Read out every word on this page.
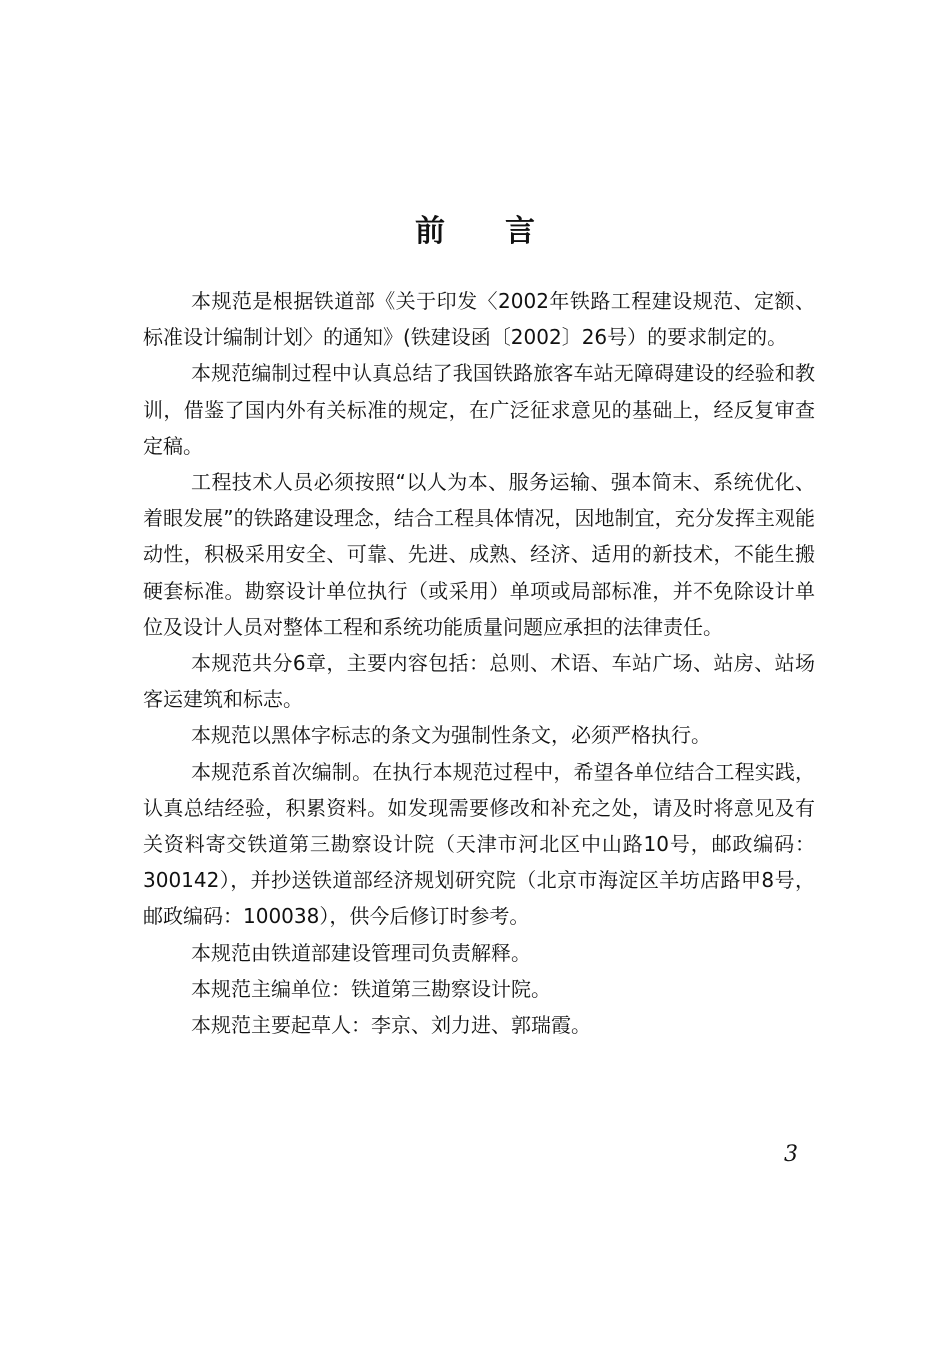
前言

本规范是根据铁道部《关于印发〈2002年铁路工程建设规范、定额、标准设计编制计划〉的通知》(铁建设函〔2002〕26号）的要求制定的。

本规范编制过程中认真总结了我国铁路旅客车站无障碍建设的经验和教训，借鉴了国内外有关标准的规定，在广泛征求意见的基础上，经反复审查定稿。

工程技术人员必须按照“以人为本、服务运输、强本简末、系统优化、着眼发展”的铁路建设理念，结合工程具体情况，因地制宜，充分发挥主观能动性，积极采用安全、可靠、先进、成熟、经济、适用的新技术，不能生搬硬套标准。勘察设计单位执行（或采用）单项或局部标准，并不免除设计单位及设计人员对整体工程和系统功能质量问题应承担的法律责任。

本规范共分6章，主要内容包括：总则、术语、车站广场、站房、站场客运建筑和标志。

本规范以黑体字标志的条文为强制性条文，必须严格执行。

本规范系首次编制。在执行本规范过程中，希望各单位结合工程实践，认真总结经验，积累资料。如发现需要修改和补充之处，请及时将意见及有关资料寄交铁道第三勘察设计院（天津市河北区中山路10号，邮政编码：300142），并抄送铁道部经济规划研究院（北京市海淀区羊坊店路甲8号，邮政编码：100038），供今后修订时参考。

本规范由铁道部建设管理司负责解释。

本规范主编单位：铁道第三勘察设计院。

本规范主要起草人：李京、刘力进、郭瑞霞。

3
